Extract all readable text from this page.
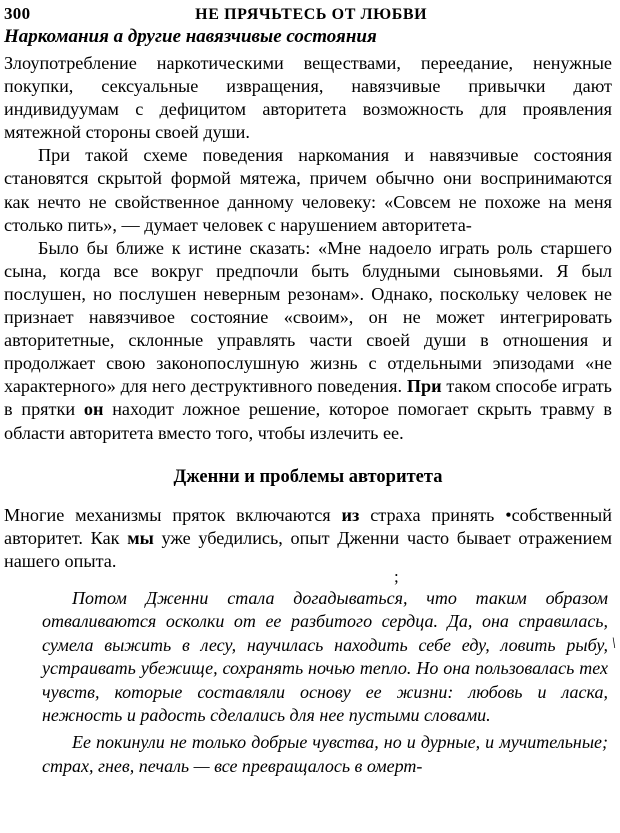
300	НЕ ПРЯЧЬТЕСЬ ОТ ЛЮБВИ
Наркомания а другие навязчивые состояния

Злоупотребление наркотическими веществами, переедание, ненужные покупки, сексуальные извращения, навязчивые привычки дают индивидуумам с дефицитом авторитета возможность для проявления мятежной стороны своей души.

При такой схеме поведения наркомания и навязчивые состояния становятся скрытой формой мятежа, причем обычно они воспринимаются как нечто не свойственное данному человеку: «Совсем не похоже на меня столько пить», — думает человек с нарушением авторитета-

Было бы ближе к истине сказать: «Мне надоело играть роль старшего сына, когда все вокруг предпочли быть блудными сыновьями. Я был послушен, но послушен неверным резонам». Однако, поскольку человек не признает навязчивое состояние «своим», он не может интегрировать авторитетные, склонные управлять части своей души в отношения и продолжает свою законопослушную жизнь с отдельными эпизодами «не характерного» для него деструктивного поведения. При таком способе играть в прятки он находит ложное решение, которое помогает скрыть травму в области авторитета вместо того, чтобы излечить ее.

Дженни и проблемы авторитета

Многие механизмы пряток включаются из страха принять •собственный авторитет. Как мы уже убедились, опыт Дженни часто бывает отражением нашего опыта.

;

Потом Дженни стала догадываться, что таким образом отваливаются осколки от ее разбитого сердца. Да, она справилась, сумела выжить в лесу, научилась находить себе еду, ловить рыбу, устраивать убежище, сохранять ночью тепло. Но она пользовалась тех чувств, которые составляли основу ее жизни: любовь и ласка, нежность и радость сделались для нее пустыми словами.

\

Ее покинули не только добрые чувства, но и дурные, и мучительные; страх, гнев, печаль — все превращалось в омерт-
